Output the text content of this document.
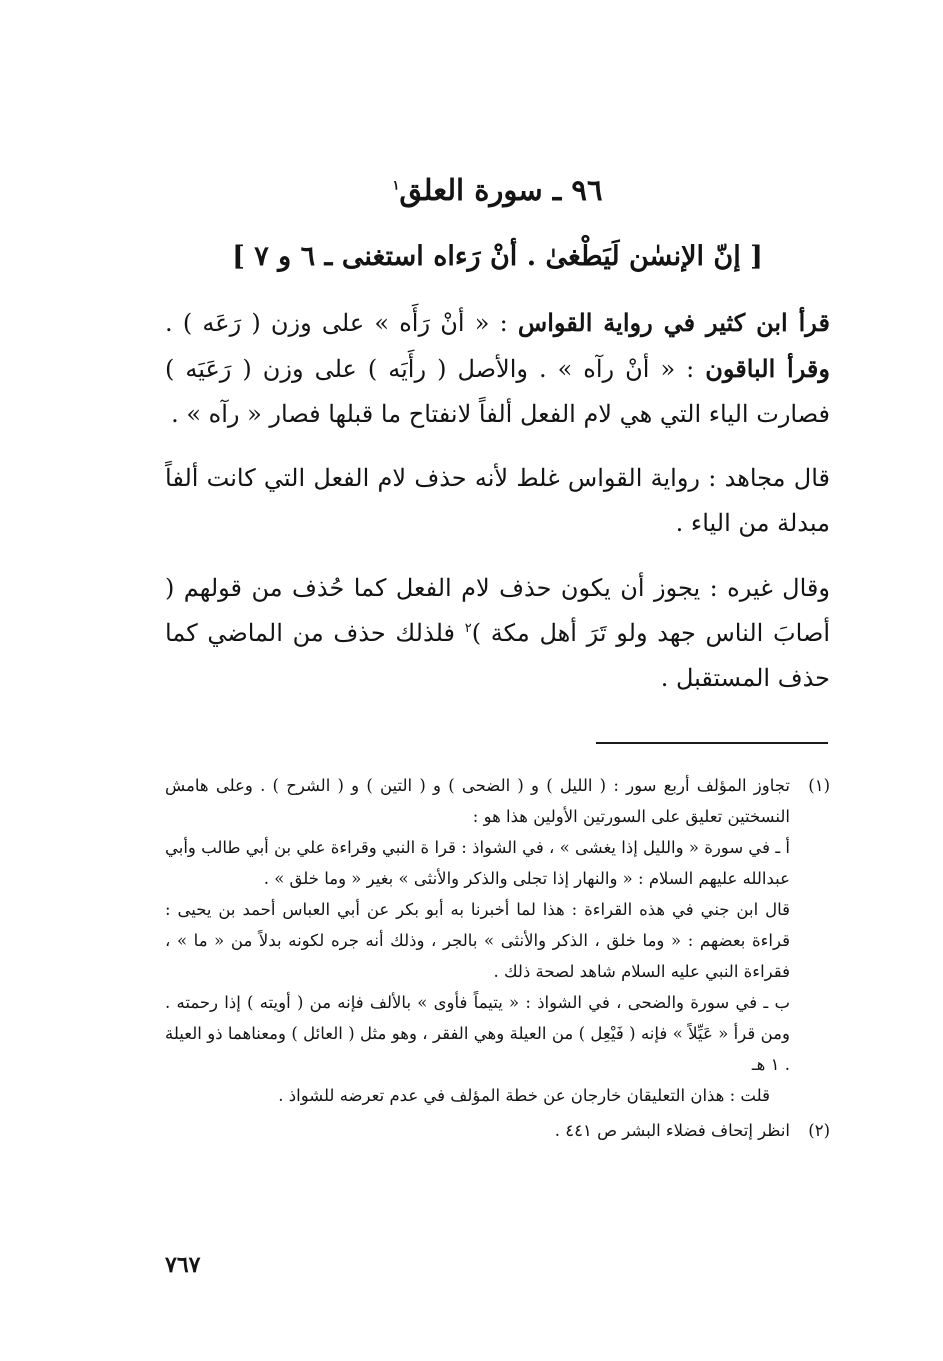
٩٦ ـ سورة العلق$^١$
[ إنّ الإنسٰن لَيَطْغىٰ . أنْ رَءاه استغنى ـ ٦ و ٧ ]

قرأ ابن كثير في رواية القواس : « أنْ رَأَه » على وزن ( رَعَه ) . وقرأ الباقون : « أنْ رآه » . والأصل ( رأَيَه ) على وزن ( رَعَيَه ) فصارت الياء التي هي لام الفعل ألفاً لانفتاح ما قبلها فصار « رآه » .

قال مجاهد : رواية القواس غلط لأنه حذف لام الفعل التي كانت ألفاً مبدلة من الياء .

وقال غيره : يجوز أن يكون حذف لام الفعل كما حُذف من قولهم ( أصابَ الناس جهد ولو تَرَ أهل مكة )$^٢$ فلذلك حذف من الماضي كما حذف المستقبل .

(١)

تجاوز المؤلف أربع سور : ( الليل ) و ( الضحى ) و ( التين ) و ( الشرح ) . وعلى هامش النسختين تعليق على السورتين الأولين هذا هو :

أ ـ في سورة « والليل إذا يغشى » ، في الشواذ : قرا ة النبي وقراءة علي بن أبي طالب وأبي عبدالله عليهم السلام : « والنهار إذا تجلى والذكر والأنثى » بغير « وما خلق » .

قال ابن جني في هذه القراءة : هذا لما أخبرنا به أبو بكر عن أبي العباس أحمد بن يحيى : قراءة بعضهم : « وما خلق ، الذكر والأنثى » بالجر ، وذلك أنه جره لكونه بدلاً من « ما » ، فقراءة النبي عليه السلام شاهد لصحة ذلك .

ب ـ في سورة والضحى ، في الشواذ : « يتيماً فأوى » بالألف فإنه من ( أويته ) إذا رحمته . ومن قرأ « عَيِّلاً » فإنه ( فَيْعِل ) من العيلة وهي الفقر ، وهو مثل ( العائل ) ومعناهما ذو العيلة . ١ هـ

قلت : هذان التعليقان خارجان عن خطة المؤلف في عدم تعرضه للشواذ .

(٢)

انظر إتحاف فضلاء البشر ص ٤٤١ .

٧٦٧
